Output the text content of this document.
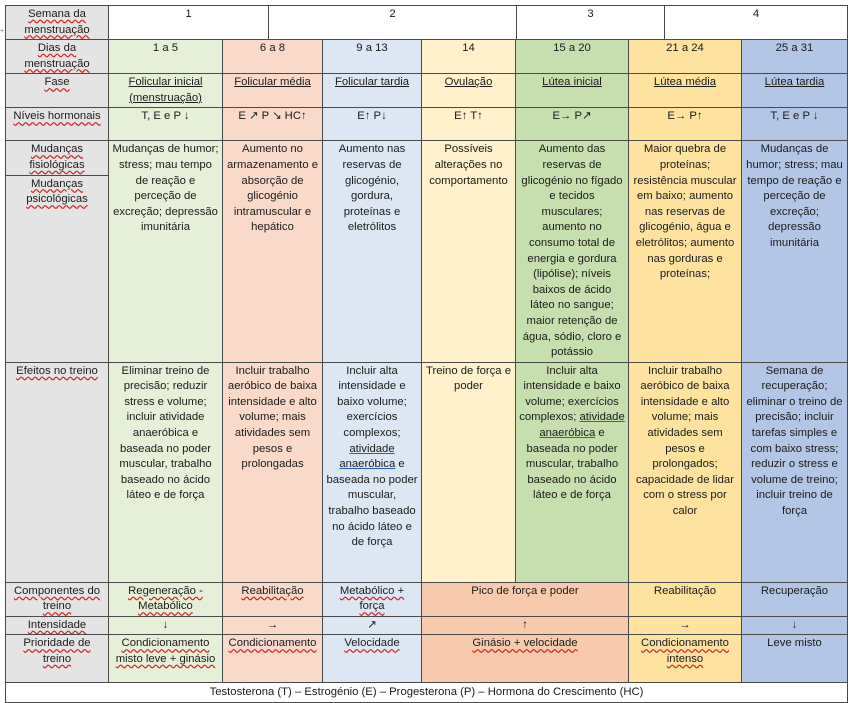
+
Semana da menstruação	1	2	3	4
Dias da menstruação	1 a 5	6 a 8	9 a 13	14	15 a 20	21 a 24	25 a 31
Fase	Folicular inicial (menstruação)	Folicular média	Folicular tardia	Ovulação	Lútea inicial	Lútea média	Lútea tardia
Níveis hormonais	T, E e P ↓	E ↗ P ↘ HC↑	E↑ P↓	E↑ T↑	E→ P↗	E→ P↑	T, E e P ↓

Mudanças fisiológicas
Mudanças psicológicas	Mudanças de humor; stress; mau tempo de reação e perceção de excreção; depressão imunitária	Aumento no armazenamento e absorção de glicogénio intramuscular e hepático	Aumento nas reservas de glicogénio, gordura, proteínas e eletrólitos	Possíveis alterações no comportamento	Aumento das reservas de glicogénio no fígado e tecidos musculares; aumento no consumo total de energia e gordura (lipólise); níveis baixos de ácido láteo no sangue; maior retenção de água, sódio, cloro e potássio	Maior quebra de proteínas; resistência muscular em baixo; aumento nas reservas de glicogénio, água e eletrólitos; aumento nas gorduras e proteínas;	Mudanças de humor; stress; mau tempo de reação e perceção de excreção; depressão imunitária
Efeitos no treino	Eliminar treino de precisão; reduzir stress e volume; incluir atividade anaeróbica e baseada no poder muscular, trabalho baseado no ácido láteo e de força	Incluir trabalho aeróbico de baixa intensidade e alto volume; mais atividades sem pesos e prolongadas	Incluir alta intensidade e baixo volume; exercícios complexos; atividade anaeróbica e baseada no poder muscular, trabalho baseado no ácido láteo e de força	Treino de força e poder	Incluir alta intensidade e baixo volume; exercícios complexos; atividade anaeróbica e baseada no poder muscular, trabalho baseado no ácido láteo e de força	Incluir trabalho aeróbico de baixa intensidade e alto volume; mais atividades sem pesos e prolongados; capacidade de lidar com o stress por calor	Semana de recuperação; eliminar o treino de precisão; incluir tarefas simples e com baixo stress; reduzir o stress e volume de treino; incluir treino de força
Componentes do treino	Regeneração - Metabólico	Reabilitação	Metabólico + força	Pico de força e poder		Reabilitação	Recuperação
Intensidade	↓	→	↗	↑		→	↓
Prioridade de treino	Condicionamento misto leve + ginásio	Condicionamento	Velocidade	Ginásio + velocidade		Condicionamento intenso	Leve misto
Testosterona (T) – Estrogénio (E) – Progesterona (P) – Hormona do Crescimento (HC)							
